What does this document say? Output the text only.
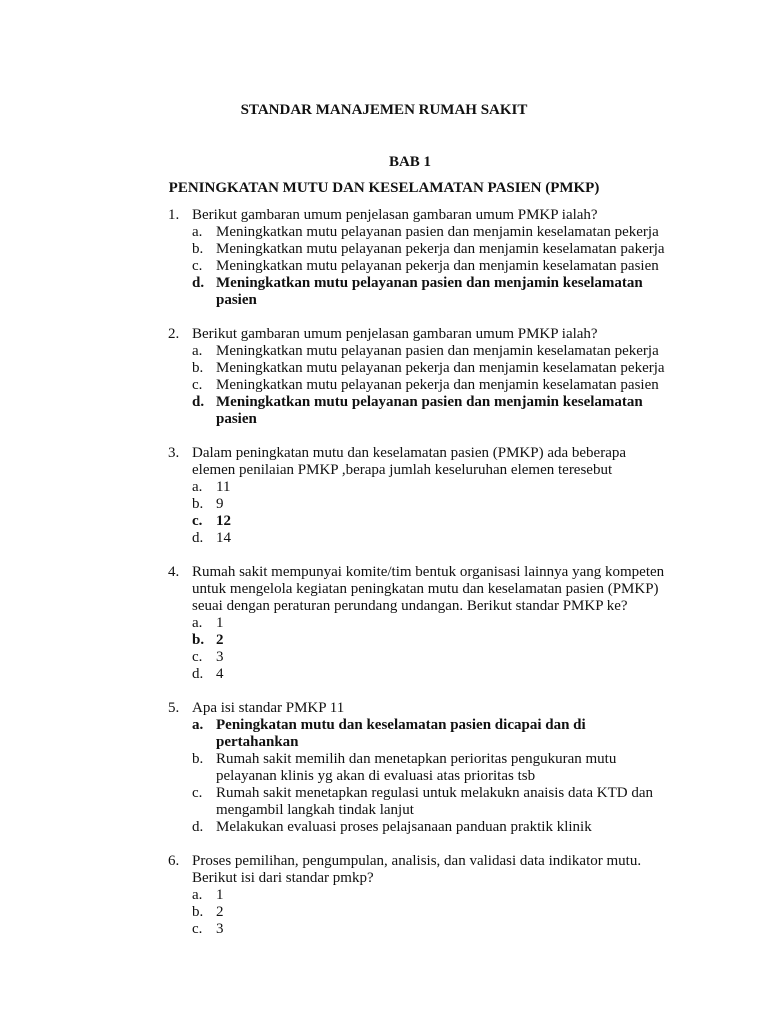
STANDAR MANAJEMEN RUMAH SAKIT
BAB 1
PENINGKATAN MUTU DAN KESELAMATAN PASIEN (PMKP)
1. Berikut gambaran umum penjelasan gambaran umum PMKP ialah?
a. Meningkatkan mutu pelayanan pasien dan menjamin keselamatan pekerja
b. Meningkatkan mutu pelayanan pekerja dan menjamin keselamatan pakerja
c. Meningkatkan mutu pelayanan pekerja dan menjamin keselamatan pasien
d. Meningkatkan mutu pelayanan pasien dan menjamin keselamatan pasien
2. Berikut gambaran umum penjelasan gambaran umum PMKP ialah?
a. Meningkatkan mutu pelayanan pasien dan menjamin keselamatan pekerja
b. Meningkatkan mutu pelayanan pekerja dan menjamin keselamatan pekerja
c. Meningkatkan mutu pelayanan pekerja dan menjamin keselamatan pasien
d. Meningkatkan mutu pelayanan pasien dan menjamin keselamatan pasien
3. Dalam peningkatan mutu dan keselamatan pasien (PMKP) ada beberapa elemen penilaian PMKP ,berapa jumlah keseluruhan elemen teresebut
a. 11
b. 9
c. 12
d. 14
4. Rumah sakit mempunyai komite/tim bentuk organisasi lainnya yang kompeten untuk mengelola kegiatan peningkatan mutu dan keselamatan pasien (PMKP) seuai dengan peraturan perundang undangan. Berikut standar PMKP ke?
a. 1
b. 2
c. 3
d. 4
5. Apa isi standar PMKP 11
a. Peningkatan mutu dan keselamatan pasien dicapai dan di pertahankan
b. Rumah sakit memilih dan menetapkan perioritas pengukuran mutu pelayanan klinis yg akan di evaluasi atas prioritas tsb
c. Rumah sakit menetapkan regulasi untuk melakukn anaisis data KTD dan mengambil langkah tindak lanjut
d. Melakukan evaluasi proses pelajsanaan panduan praktik klinik
6. Proses pemilihan, pengumpulan, analisis, dan validasi data indikator mutu. Berikut isi dari standar pmkp?
a. 1
b. 2
c. 3
